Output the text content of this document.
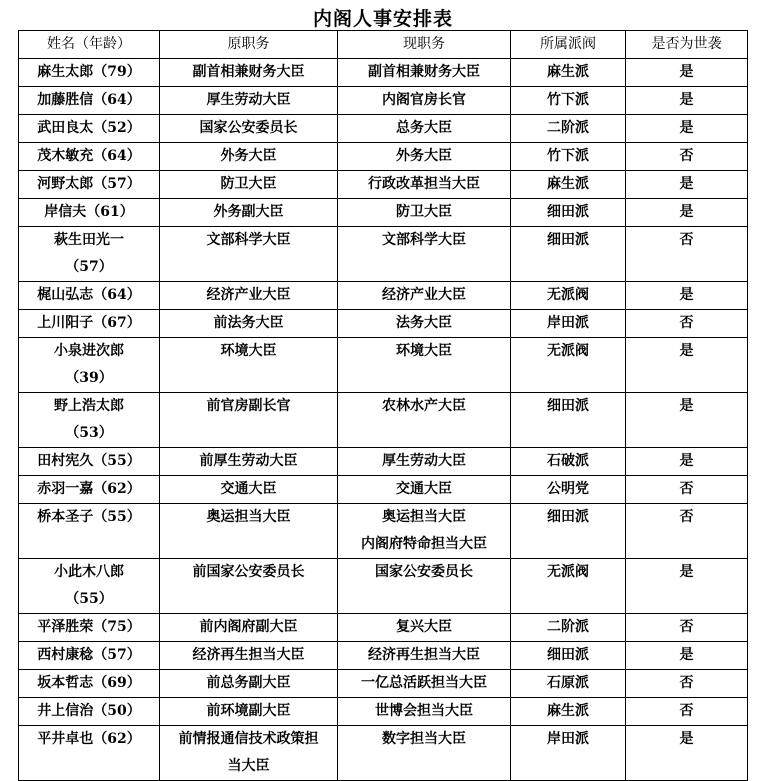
内阁人事安排表
姓名（年龄）	原职务	现职务	所属派阀	是否为世袭

麻生太郎（79）	副首相兼财务大臣	副首相兼财务大臣	麻生派	是

加藤胜信（64）	厚生劳动大臣	内阁官房长官	竹下派	是

武田良太（52）	国家公安委员长	总务大臣	二阶派	是

茂木敏充（64）	外务大臣	外务大臣	竹下派	否

河野太郎（57）	防卫大臣	行政改革担当大臣	麻生派	是

岸信夫（61）	外务副大臣	防卫大臣	细田派	是

萩生田光一
（57）	文部科学大臣	文部科学大臣	细田派	否

梶山弘志（64）	经济产业大臣	经济产业大臣	无派阀	是

上川阳子（67）	前法务大臣	法务大臣	岸田派	否

小泉进次郎
（39）	环境大臣	环境大臣	无派阀	是

野上浩太郎
（53）	前官房副长官	农林水产大臣	细田派	是

田村宪久（55）	前厚生劳动大臣	厚生劳动大臣	石破派	是

赤羽一嘉（62）	交通大臣	交通大臣	公明党	否

桥本圣子（55）	奥运担当大臣	奥运担当大臣
内阁府特命担当大臣	细田派	否

小此木八郎
（55）	前国家公安委员长	国家公安委员长	无派阀	是

平泽胜荣（75）	前内阁府副大臣	复兴大臣	二阶派	否

西村康稔（57）	经济再生担当大臣	经济再生担当大臣	细田派	是

坂本哲志（69）	前总务副大臣	一亿总活跃担当大臣	石原派	否

井上信治（50）	前环境副大臣	世博会担当大臣	麻生派	否

平井卓也（62）	前情报通信技术政策担
当大臣	数字担当大臣	岸田派	是
